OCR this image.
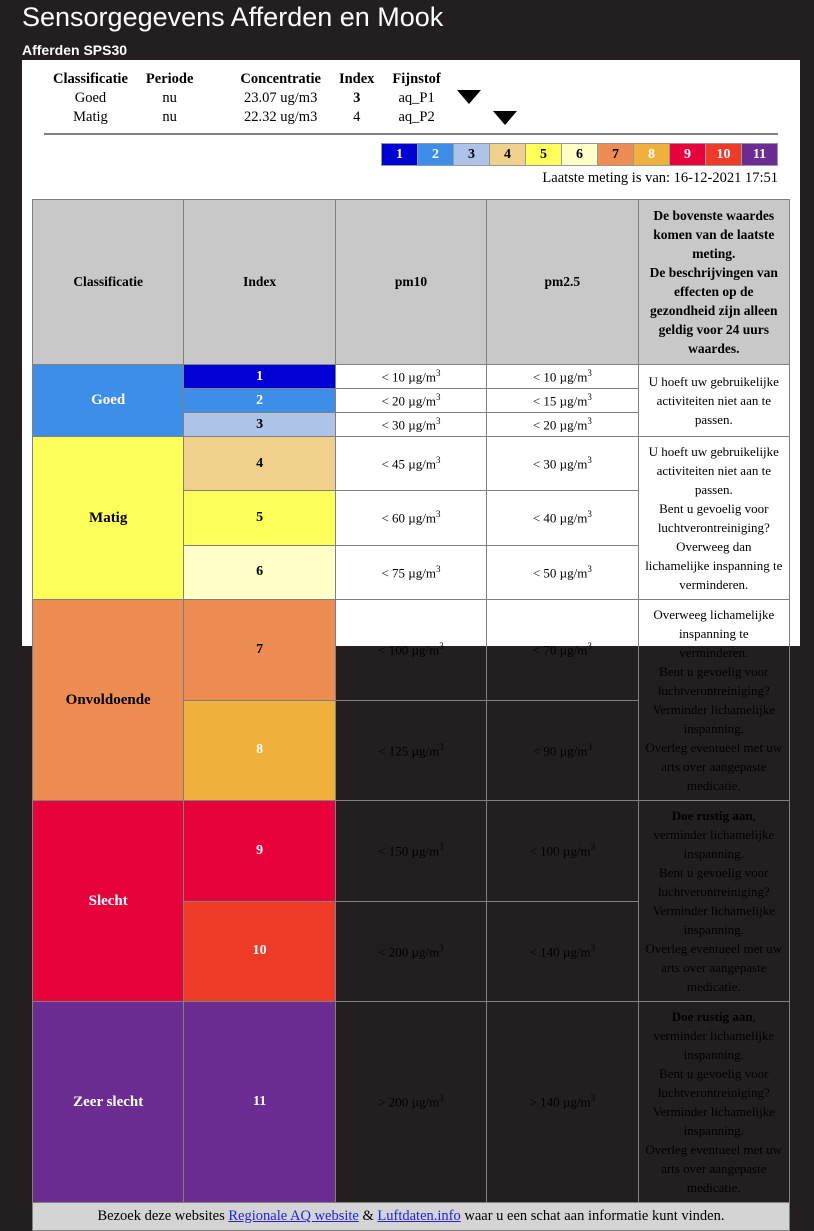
Sensorgegevens Afferden en Mook
Afferden SPS30
Classificatie	Periode	Concentratie	Index	Fijnstof
Goed	nu	23.07 ug/m3	3	aq_P1
Matig	nu	22.32 ug/m3	4	aq_P2
1	2	3	4	5	6	7	8	9	10	11
Laatste meting is van: 16-12-2021 17:51
Classificatie	Index	pm10	pm2.5	De bovenste waardes komen van de laatste meting.
De beschrijvingen van effecten op de gezondheid zijn alleen geldig voor 24 uurs waardes.

Goed	1	< 10 $\mu g/m^3$	< 10 $\mu g/m^3$	U hoeft uw gebruikelijke activiteiten niet aan te passen.

	2	< 20 $\mu g/m^3$	< 15 $\mu g/m^3$
	3	< 30 $\mu g/m^3$	< 20 $\mu g/m^3$
Matig	4	< 45 $\mu g/m^3$	< 30 $\mu g/m^3$	U hoeft uw gebruikelijke activiteiten niet aan te passen.
Bent u gevoelig voor luchtverontreiniging? Overweeg dan lichamelijke inspanning te verminderen.

	5	< 60 $\mu g/m^3$	< 40 $\mu g/m^3$
	6	< 75 $\mu g/m^3$	< 50 $\mu g/m^3$
Onvoldoende	7	< 100 $\mu g/m^3$	< 70 $\mu g/m^3$	Overweeg lichamelijke inspanning te verminderen.
Bent u gevoelig voor luchtverontreiniging? Verminder lichamelijke inspanning.
Overleg eventueel met uw arts over aangepaste medicatie.

	8	< 125 $\mu g/m^3$	< 90 $\mu g/m^3$
Slecht	9	< 150 $\mu g/m^3$	< 100 $\mu g/m^3$	Doe rustig aan, verminder lichamelijke inspanning.
Bent u gevoelig voor luchtverontreiniging? Verminder lichamelijke inspanning.
Overleg eventueel met uw arts over aangepaste medicatie.

	10	< 200 $\mu g/m^3$	< 140 $\mu g/m^3$
Zeer slecht	11	> 200 $\mu g/m^3$	> 140 $\mu g/m^3$	Doe rustig aan, verminder lichamelijke inspanning.
Bent u gevoelig voor luchtverontreiniging? Verminder lichamelijke inspanning.
Overleg eventueel met uw arts over aangepaste medicatie.

Bezoek deze websites Regionale AQ website & Luftdaten.info waar u een schat aan informatie kunt vinden.				
